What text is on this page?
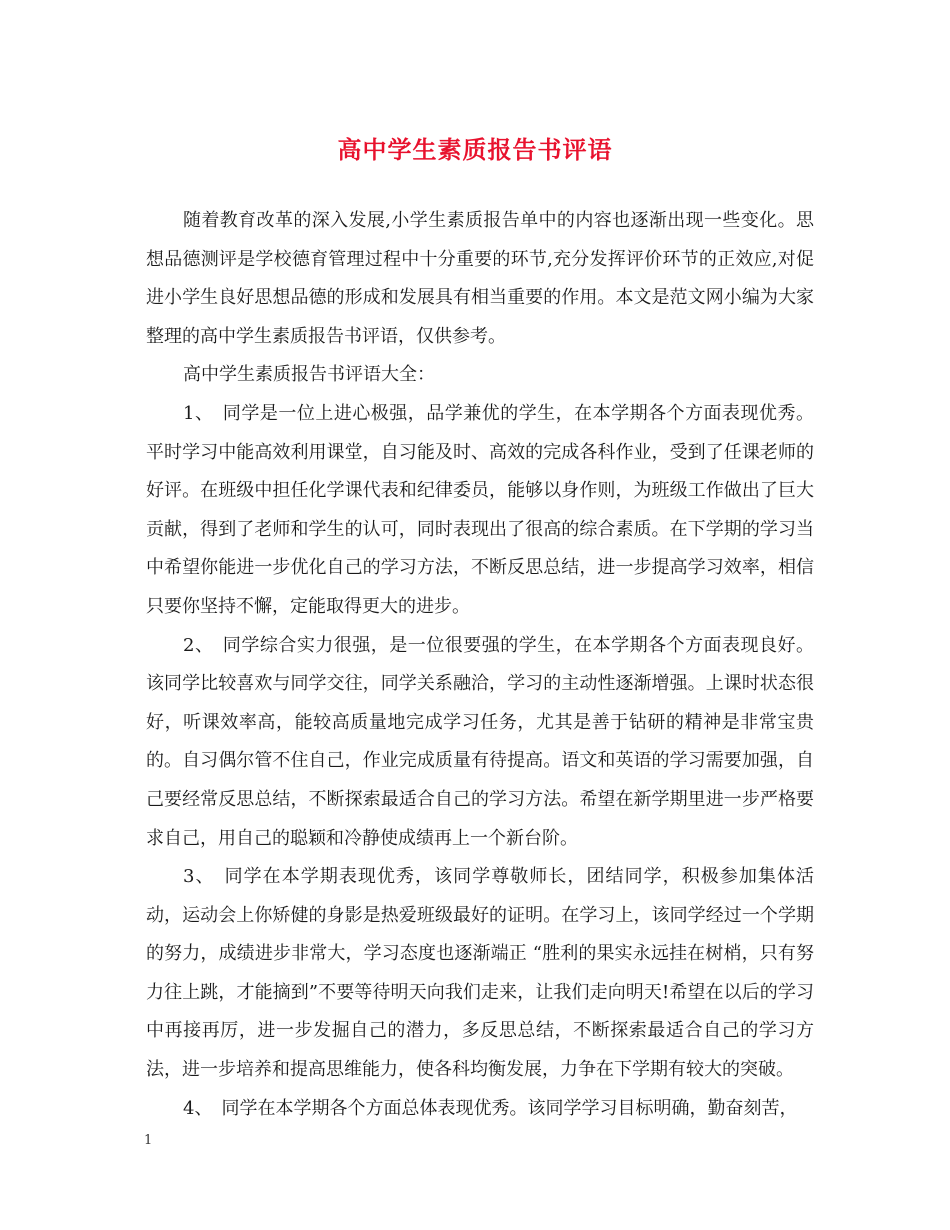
高中学生素质报告书评语

随着教育改革的深入发展,小学生素质报告单中的内容也逐渐出现一些变化。思想品德测评是学校德育管理过程中十分重要的环节,充分发挥评价环节的正效应,对促进小学生良好思想品德的形成和发展具有相当重要的作用。本文是范文网小编为大家整理的高中学生素质报告书评语，仅供参考。

高中学生素质报告书评语大全：

1、　同学是一位上进心极强，品学兼优的学生，在本学期各个方面表现优秀。平时学习中能高效利用课堂，自习能及时、高效的完成各科作业，受到了任课老师的好评。在班级中担任化学课代表和纪律委员，能够以身作则，为班级工作做出了巨大贡献，得到了老师和学生的认可，同时表现出了很高的综合素质。在下学期的学习当中希望你能进一步优化自己的学习方法，不断反思总结，进一步提高学习效率，相信只要你坚持不懈，定能取得更大的进步。

2、　同学综合实力很强，是一位很要强的学生，在本学期各个方面表现良好。该同学比较喜欢与同学交往，同学关系融洽，学习的主动性逐渐增强。上课时状态很好，听课效率高，能较高质量地完成学习任务，尤其是善于钻研的精神是非常宝贵的。自习偶尔管不住自己，作业完成质量有待提高。语文和英语的学习需要加强，自己要经常反思总结，不断探索最适合自己的学习方法。希望在新学期里进一步严格要求自己，用自己的聪颖和冷静使成绩再上一个新台阶。

3、　同学在本学期表现优秀，该同学尊敬师长，团结同学，积极参加集体活动，运动会上你矫健的身影是热爱班级最好的证明。在学习上，该同学经过一个学期的努力，成绩进步非常大，学习态度也逐渐端正 “胜利的果实永远挂在树梢，只有努力往上跳，才能摘到”不要等待明天向我们走来，让我们走向明天!希望在以后的学习中再接再厉，进一步发掘自己的潜力，多反思总结，不断探索最适合自己的学习方法，进一步培养和提高思维能力，使各科均衡发展，力争在下学期有较大的突破。

4、　同学在本学期各个方面总体表现优秀。该同学学习目标明确，勤奋刻苦，

1
